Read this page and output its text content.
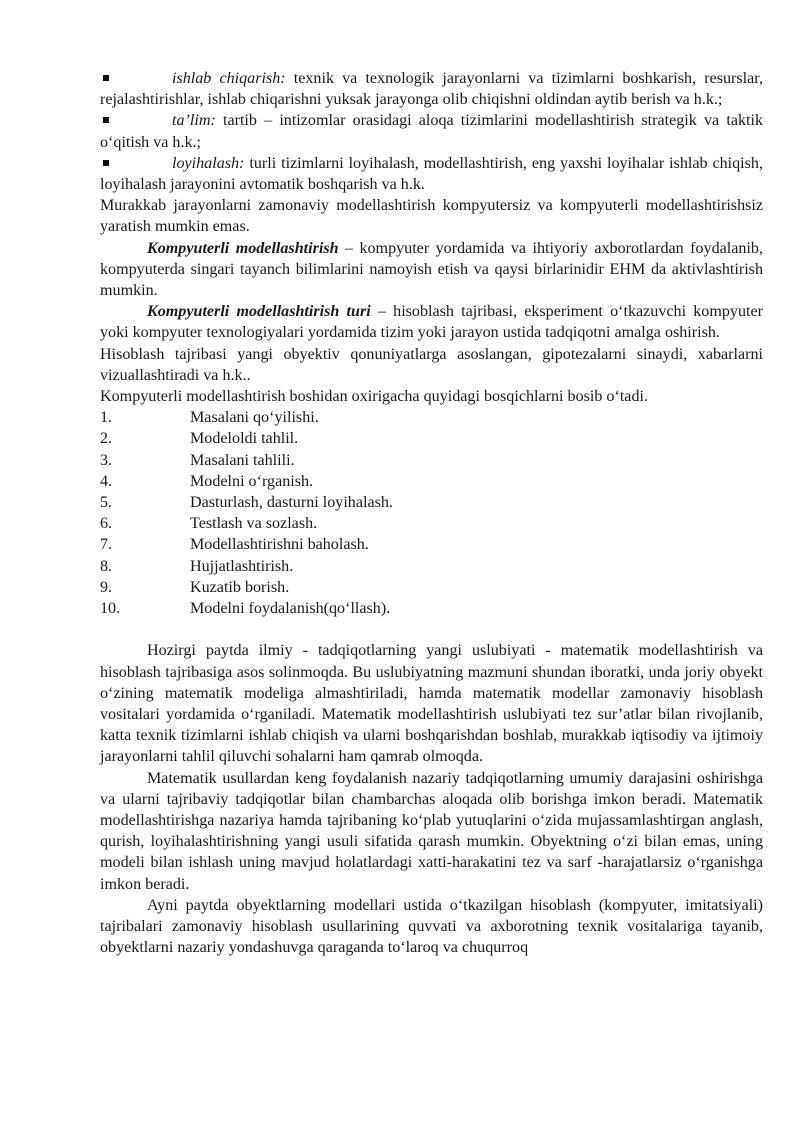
ishlab chiqarish: texnik va texnologik jarayonlarni va tizimlarni boshkarish, resurslar, rejalashtirishlar, ishlab chiqarishni yuksak jarayonga olib chiqishni oldindan aytib berish va h.k.;

ta’lim: tartib – intizomlar orasidagi aloqa tizimlarini modellashtirish strategik va taktik o‘qitish va h.k.;

loyihalash: turli tizimlarni loyihalash, modellashtirish, eng yaxshi loyihalar ishlab chiqish, loyihalash jarayonini avtomatik boshqarish va h.k.

Murakkab jarayonlarni zamonaviy modellashtirish kompyutersiz va kompyuterli modellashtirishsiz yaratish mumkin emas.

Kompyuterli modellashtirish – kompyuter yordamida va ihtiyoriy axborotlardan foydalanib, kompyuterda singari tayanch bilimlarini namoyish etish va qaysi birlarinidir EHM da aktivlashtirish mumkin.

Kompyuterli modellashtirish turi – hisoblash tajribasi, eksperiment o‘tkazuvchi kompyuter yoki kompyuter texnologiyalari yordamida tizim yoki jarayon ustida tadqiqotni amalga oshirish.

Hisoblash tajribasi yangi obyektiv qonuniyatlarga asoslangan, gipotezalarni sinaydi, xabarlarni vizuallashtiradi va h.k..

Kompyuterli modellashtirish boshidan oxirigacha quyidagi bosqichlarni bosib o‘tadi.

1.	Masalani qo‘yilishi.
2.	Modeloldi tahlil.
3.	Masalani tahlili.
4.	Modelni o‘rganish.
5.	Dasturlash, dasturni loyihalash.
6.	Testlash va sozlash.
7.	Modellashtirishni baholash.
8.	Hujjatlashtirish.
9.	Kuzatib borish.
10.	Modelni foydalanish(qo‘llash).

Hozirgi paytda ilmiy - tadqiqotlarning yangi uslubiyati - matematik modellashtirish va hisoblash tajribasiga asos solinmoqda. Bu uslubiyatning mazmuni shundan iboratki, unda joriy obyekt o‘zining matematik modeliga almashtiriladi, hamda matematik modellar zamonaviy hisoblash vositalari yordamida o‘rganiladi. Matematik modellashtirish uslubiyati tez sur’atlar bilan rivojlanib, katta texnik tizimlarni ishlab chiqish va ularni boshqarishdan boshlab, murakkab iqtisodiy va ijtimoiy jarayonlarni tahlil qiluvchi sohalarni ham qamrab olmoqda.

Matematik usullardan keng foydalanish nazariy tadqiqotlarning umumiy darajasini oshirishga va ularni tajribaviy tadqiqotlar bilan chambarchas aloqada olib borishga imkon beradi. Matematik modellashtirishga nazariya hamda tajribaning ko‘plab yutuqlarini o‘zida mujassamlashtirgan anglash, qurish, loyihalashtirishning yangi usuli sifatida qarash mumkin. Obyektning o‘zi bilan emas, uning modeli bilan ishlash uning mavjud holatlardagi xatti-harakatini tez va sarf -harajatlarsiz o‘rganishga imkon beradi.

Ayni paytda obyektlarning modellari ustida o‘tkazilgan hisoblash (kompyuter, imitatsiyali) tajribalari zamonaviy hisoblash usullarining quvvati va axborotning texnik vositalariga tayanib, obyektlarni nazariy yondashuvga qaraganda to‘laroq va chuqurroq
